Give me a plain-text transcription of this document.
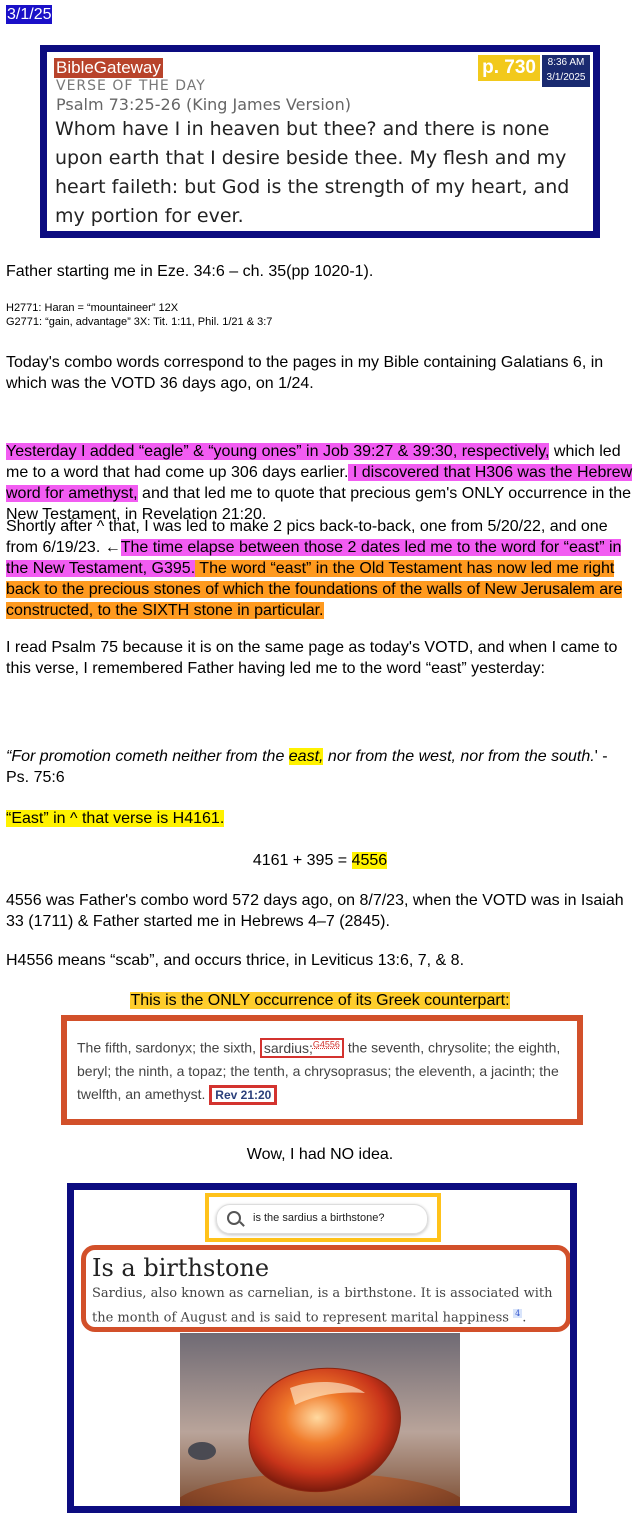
3/1/25
BibleGateway
VERSE OF THE DAY
Psalm 73:25-26 (King James Version)
Whom have I in heaven but thee? and there is none upon earth that I desire beside thee. My flesh and my heart faileth: but God is the strength of my heart, and my portion for ever.
p. 730	8:36 AM
3/1/2025
Father starting me in Eze. 34:6 – ch. 35(pp 1020-1).
H2771: Haran = “mountaineer” 12X
G2771: “gain, advantage” 3X: Tit. 1:11, Phil. 1/21 & 3:7
Today's combo words correspond to the pages in my Bible containing Galatians 6, in which was the VOTD 36 days ago, on 1/24.
Yesterday I added “eagle” & “young ones” in Job 39:27 & 39:30, respectively, which led me to a word that had come up 306 days earlier. I discovered that H306 was the Hebrew word for amethyst, and that led me to quote that precious gem's ONLY occurrence in the New Testament, in Revelation 21:20.
Shortly after ^ that, I was led to make 2 pics back-to-back, one from 5/20/22, and one from 6/19/23. ←The time elapse between those 2 dates led me to the word for “east” in the New Testament, G395. The word “east” in the Old Testament has now led me right back to the precious stones of which the foundations of the walls of New Jerusalem are constructed, to the SIXTH stone in particular.
I read Psalm 75 because it is on the same page as today's VOTD, and when I came to this verse, I remembered Father having led me to the word “east” yesterday:
“For promotion cometh neither from the east, nor from the west, nor from the south.' - Ps. 75:6
“East” in ^ that verse is H4161.
4161 + 395 = 4556
4556 was Father's combo word 572 days ago, on 8/7/23, when the VOTD was in Isaiah 33 (1711) & Father started me in Hebrews 4–7 (2845).
H4556 means “scab”, and occurs thrice, in Leviticus 13:6, 7, & 8.
This is the ONLY occurrence of its Greek counterpart:
The fifth, sardonyx; the sixth, sardius;$^{G4556}$ the seventh, chrysolite; the eighth, beryl; the ninth, a topaz; the tenth, a chrysoprasus; the eleventh, a jacinth; the twelfth, an amethyst. Rev 21:20
Wow, I had NO idea.
is the sardius a birthstone?
Is a birthstone
Sardius, also known as carnelian, is a birthstone. It is associated with the month of August and is said to represent marital happiness $^4$ .
